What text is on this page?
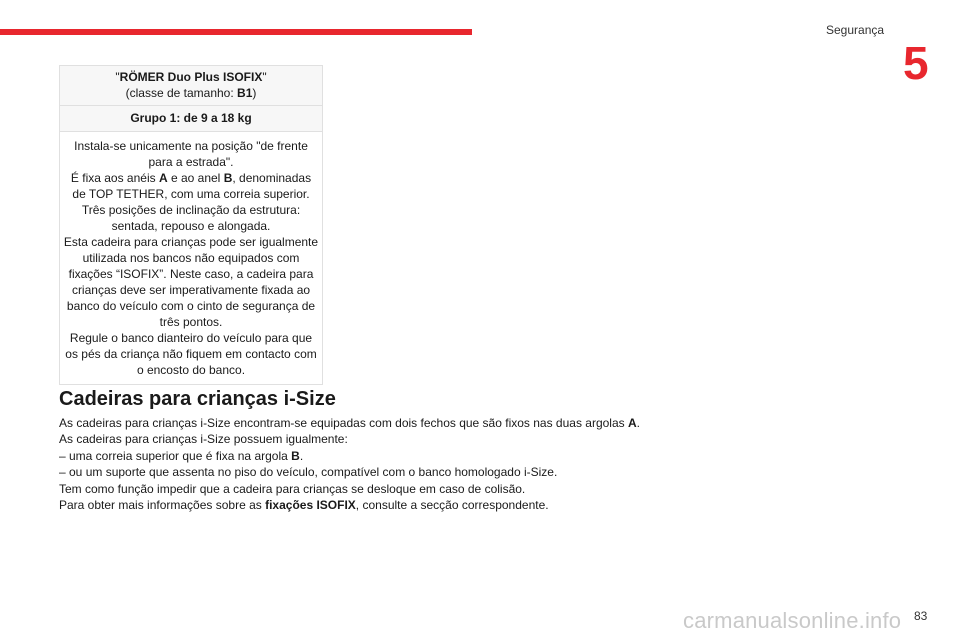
Segurança
5
"RÖMER Duo Plus ISOFIX"
(classe de tamanho: B1)

Grupo 1: de 9 a 18 kg

Instala-se unicamente na posição "de frente para a estrada".
É fixa aos anéis A e ao anel B, denominadas de TOP TETHER, com uma correia superior.
Três posições de inclinação da estrutura: sentada, repouso e alongada.
Esta cadeira para crianças pode ser igualmente utilizada nos bancos não equipados com fixações “ISOFIX”. Neste caso, a cadeira para crianças deve ser imperativamente fixada ao banco do veículo com o cinto de segurança de três pontos.
Regule o banco dianteiro do veículo para que os pés da criança não fiquem em contacto com o encosto do banco.
Cadeiras para crianças i-Size
As cadeiras para crianças i-Size encontram-se equipadas com dois fechos que são fixos nas duas argolas A.
As cadeiras para crianças i-Size possuem igualmente:
– uma correia superior que é fixa na argola B.
– ou um suporte que assenta no piso do veículo, compatível com o banco homologado i-Size.
Tem como função impedir que a cadeira para crianças se desloque em caso de colisão.
Para obter mais informações sobre as fixações ISOFIX, consulte a secção correspondente.
carmanualsonline.info 83
